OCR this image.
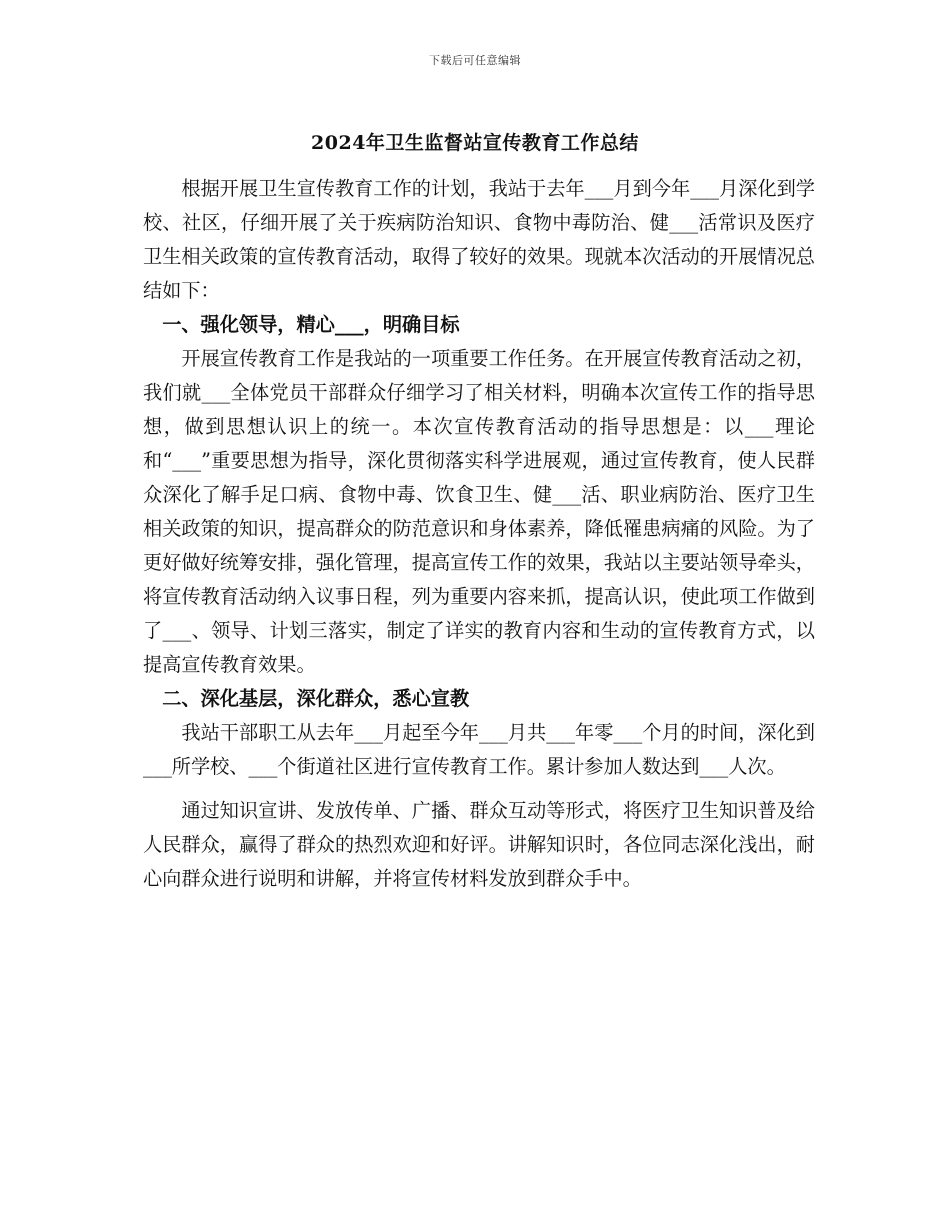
下载后可任意编辑
2024年卫生监督站宣传教育工作总结

根据开展卫生宣传教育工作的计划，我站于去年___月到今年___月深化到学校、社区，仔细开展了关于疾病防治知识、食物中毒防治、健___活常识及医疗卫生相关政策的宣传教育活动，取得了较好的效果。现就本次活动的开展情况总结如下：

一、强化领导，精心___，明确目标

开展宣传教育工作是我站的一项重要工作任务。在开展宣传教育活动之初，我们就___全体党员干部群众仔细学习了相关材料，明确本次宣传工作的指导思想，做到思想认识上的统一。本次宣传教育活动的指导思想是：以___理论和“___”重要思想为指导，深化贯彻落实科学进展观，通过宣传教育，使人民群众深化了解手足口病、食物中毒、饮食卫生、健___活、职业病防治、医疗卫生相关政策的知识，提高群众的防范意识和身体素养，降低罹患病痛的风险。为了更好做好统筹安排，强化管理，提高宣传工作的效果，我站以主要站领导牵头，将宣传教育活动纳入议事日程，列为重要内容来抓，提高认识，使此项工作做到了___、领导、计划三落实，制定了详实的教育内容和生动的宣传教育方式，以提高宣传教育效果。

二、深化基层，深化群众，悉心宣教

我站干部职工从去年___月起至今年___月共___年零___个月的时间，深化到___所学校、___个街道社区进行宣传教育工作。累计参加人数达到___人次。

通过知识宣讲、发放传单、广播、群众互动等形式，将医疗卫生知识普及给人民群众，赢得了群众的热烈欢迎和好评。讲解知识时，各位同志深化浅出，耐心向群众进行说明和讲解，并将宣传材料发放到群众手中。
